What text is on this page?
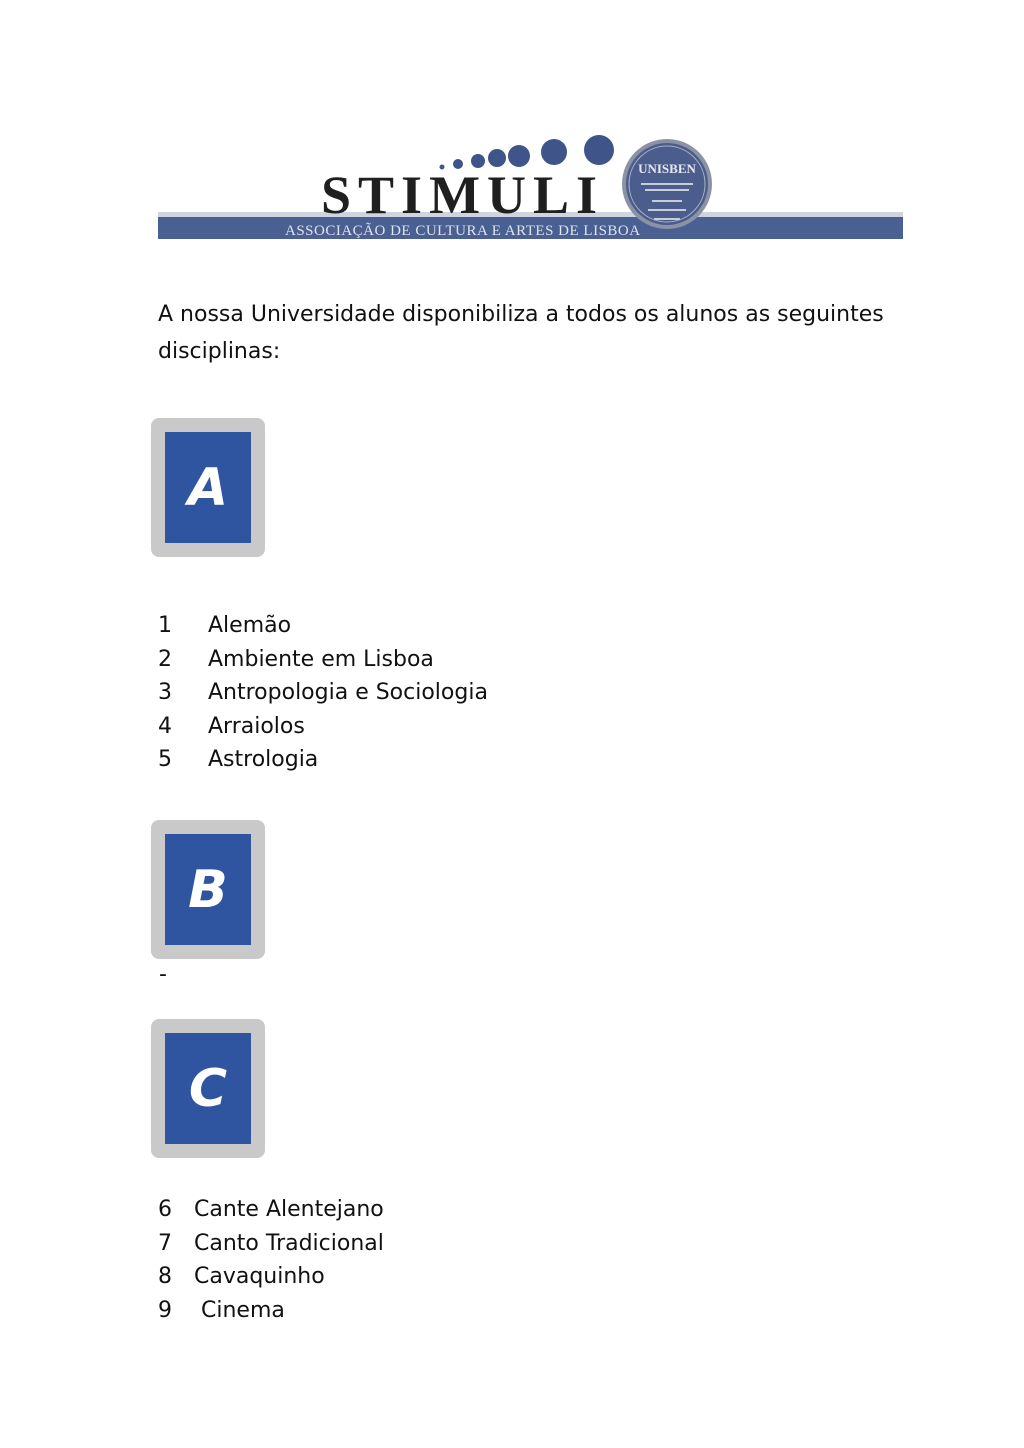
STIMULI
ASSOCIAÇÃO DE CULTURA E ARTES DE LISBOA
UNISBEN

A nossa Universidade disponibiliza a todos os alunos as seguintes disciplinas:

A
1 Alemão
2 Ambiente em Lisboa
3 Antropologia e Sociologia
4 Arraiolos
5 Astrologia
B
-
C
6 Cante Alentejano
7 Canto Tradicional
8 Cavaquinho
9 Cinema
